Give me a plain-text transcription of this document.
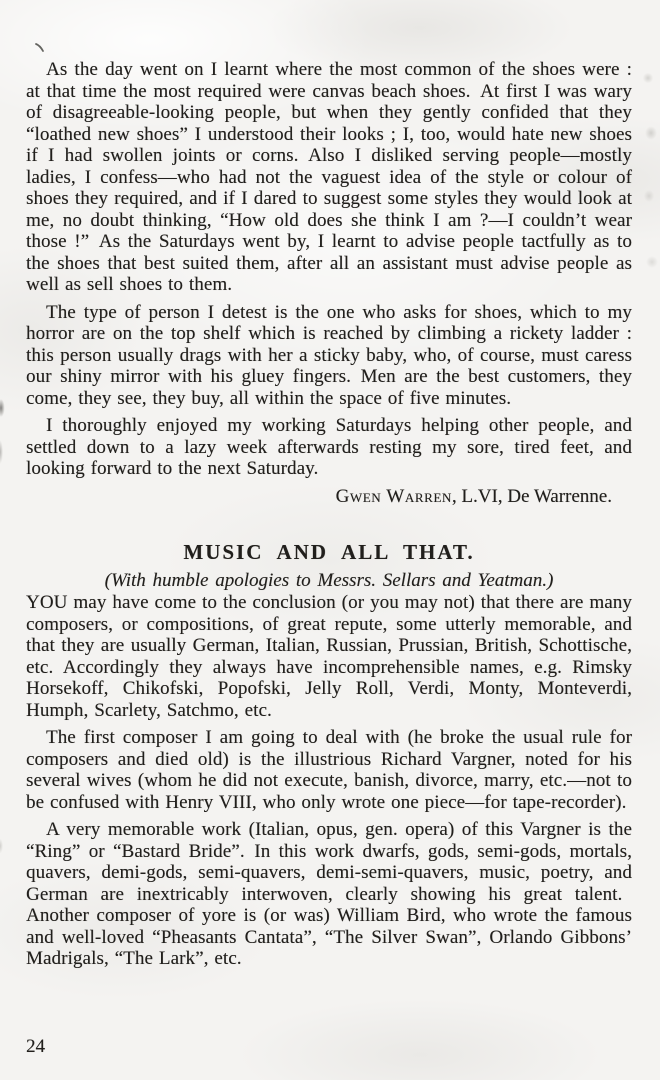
As the day went on I learnt where the most common of the shoes were : at that time the most required were canvas beach shoes. At first I was wary of disagreeable-looking people, but when they gently confided that they “loathed new shoes” I understood their looks ; I, too, would hate new shoes if I had swollen joints or corns. Also I disliked serving people—mostly ladies, I confess—who had not the vaguest idea of the style or colour of shoes they required, and if I dared to suggest some styles they would look at me, no doubt thinking, “How old does she think I am ?—I couldn’t wear those !” As the Saturdays went by, I learnt to advise people tactfully as to the shoes that best suited them, after all an assistant must advise people as well as sell shoes to them.

The type of person I detest is the one who asks for shoes, which to my horror are on the top shelf which is reached by climbing a rickety ladder : this person usually drags with her a sticky baby, who, of course, must caress our shiny mirror with his gluey fingers. Men are the best customers, they come, they see, they buy, all within the space of five minutes.

I thoroughly enjoyed my working Saturdays helping other people, and settled down to a lazy week afterwards resting my sore, tired feet, and looking forward to the next Saturday.

Gwen Warren, L.VI, De Warrenne.

MUSIC AND ALL THAT.

(With humble apologies to Messrs. Sellars and Yeatman.)

YOU may have come to the conclusion (or you may not) that there are many composers, or compositions, of great repute, some utterly memorable, and that they are usually German, Italian, Russian, Prussian, British, Schottische, etc. Accordingly they always have incomprehensible names, e.g. Rimsky Horsekoff, Chikofski, Popofski, Jelly Roll, Verdi, Monty, Monteverdi, Humph, Scarlety, Satchmo, etc.

The first composer I am going to deal with (he broke the usual rule for composers and died old) is the illustrious Richard Vargner, noted for his several wives (whom he did not execute, banish, divorce, marry, etc.—not to be confused with Henry VIII, who only wrote one piece—for tape-recorder).

A very memorable work (Italian, opus, gen. opera) of this Vargner is the “Ring” or “Bastard Bride”. In this work dwarfs, gods, semi-gods, mortals, quavers, demi-gods, semi-quavers, demi-semi-quavers, music, poetry, and German are inextricably interwoven, clearly showing his great talent. Another composer of yore is (or was) William Bird, who wrote the famous and well-loved “Pheasants Cantata”, “The Silver Swan”, Orlando Gibbons’ Madrigals, “The Lark”, etc.

24
